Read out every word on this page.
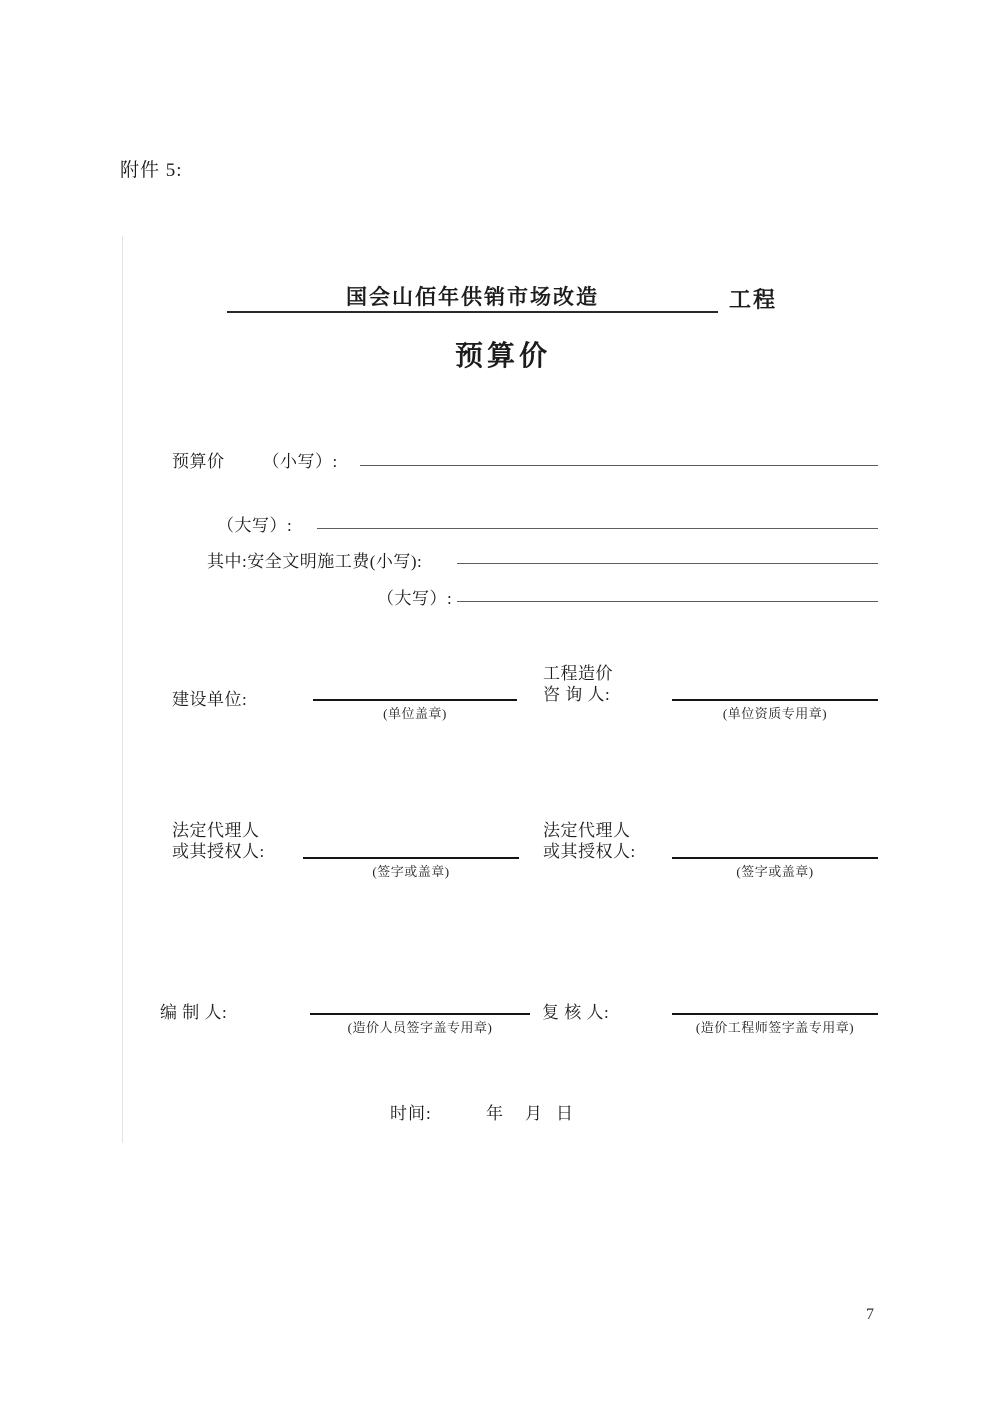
附件 5:
国会山佰年供销市场改造	工程
预算价
预算价 （小写）:
（大写）:
其中:安全文明施工费(小写):
（大写）:
建设单位:
(单位盖章)
工程造价
咨 询 人:
(单位资质专用章)
法定代理人
或其授权人:
(签字或盖章)
法定代理人
或其授权人:
(签字或盖章)
编 制 人:
(造价人员签字盖专用章)
复 核 人:
(造价工程师签字盖专用章)
时间:	年 月 日
7
